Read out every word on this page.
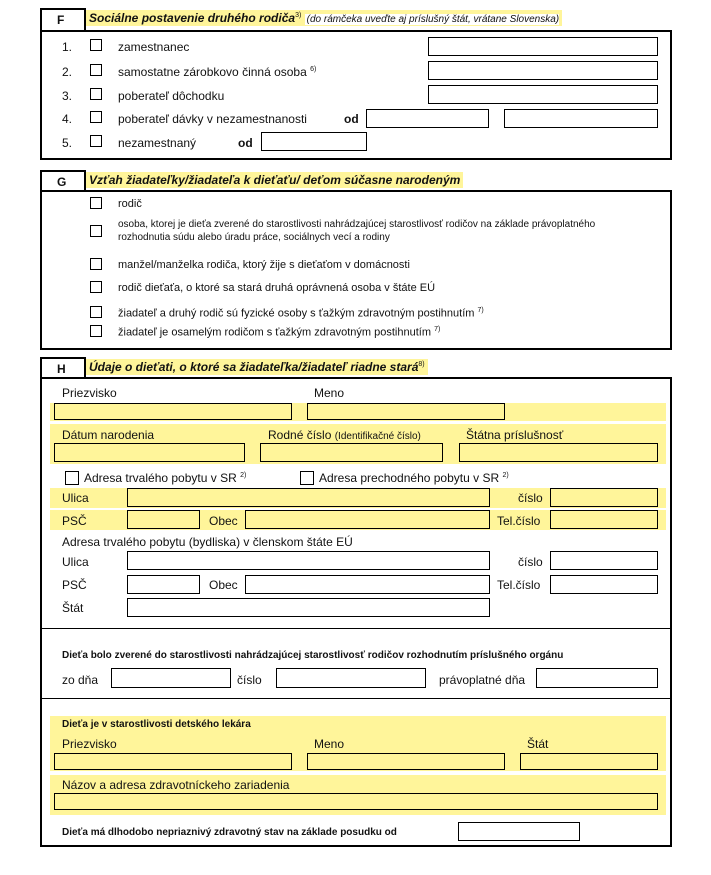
F Sociálne postavenie druhého rodiča$^{3)}$ (do rámčeka uveďte aj príslušný štát, vrátane Slovenska)
1.	zamestnanec
2.	samostatne zárobkovo činná osoba $^{6)}$
3.	poberateľ dôchodku
4.	poberateľ dávky v nezamestnanosti	od
5.	nezamestnaný	od
G Vzťah žiadateľky/žiadateľa k dieťaťu/ deťom súčasne narodeným
rodič
osoba, ktorej je dieťa zverené do starostlivosti nahrádzajúcej starostlivosť rodičov na základe právoplatného
rozhodnutia súdu alebo úradu práce, sociálnych vecí a rodiny
manžel/manželka rodiča, ktorý žije s dieťaťom v domácnosti
rodič dieťaťa, o ktoré sa stará druhá oprávnená osoba v štáte EÚ
žiadateľ a druhý rodič sú fyzické osoby s ťažkým zdravotným postihnutím $^{7)}$
žiadateľ je osamelým rodičom s ťažkým zdravotným postihnutím $^{7)}$
H Údaje o dieťati, o ktoré sa žiadateľka/žiadateľ riadne stará$^{8)}$
Priezvisko	Meno
Dátum narodenia	Rodné číslo (Identifikačné číslo)	Štátna príslušnosť
Adresa trvalého pobytu v SR $^{2)}$	Adresa prechodného pobytu v SR $^{2)}$
Ulica	číslo
PSČ	Obec	Tel.číslo
Adresa trvalého pobytu (bydliska) v členskom štáte EÚ
Ulica	číslo
PSČ	Obec	Tel.číslo
Štát
Dieťa bolo zverené do starostlivosti nahrádzajúcej starostlivosť rodičov rozhodnutím príslušného orgánu
zo dňa	číslo	právoplatné dňa
Dieťa je v starostlivosti detského lekára
Priezvisko	Meno	Štát
Názov a adresa zdravotníckeho zariadenia
Dieťa má dlhodobo nepriaznivý zdravotný stav na základe posudku od
